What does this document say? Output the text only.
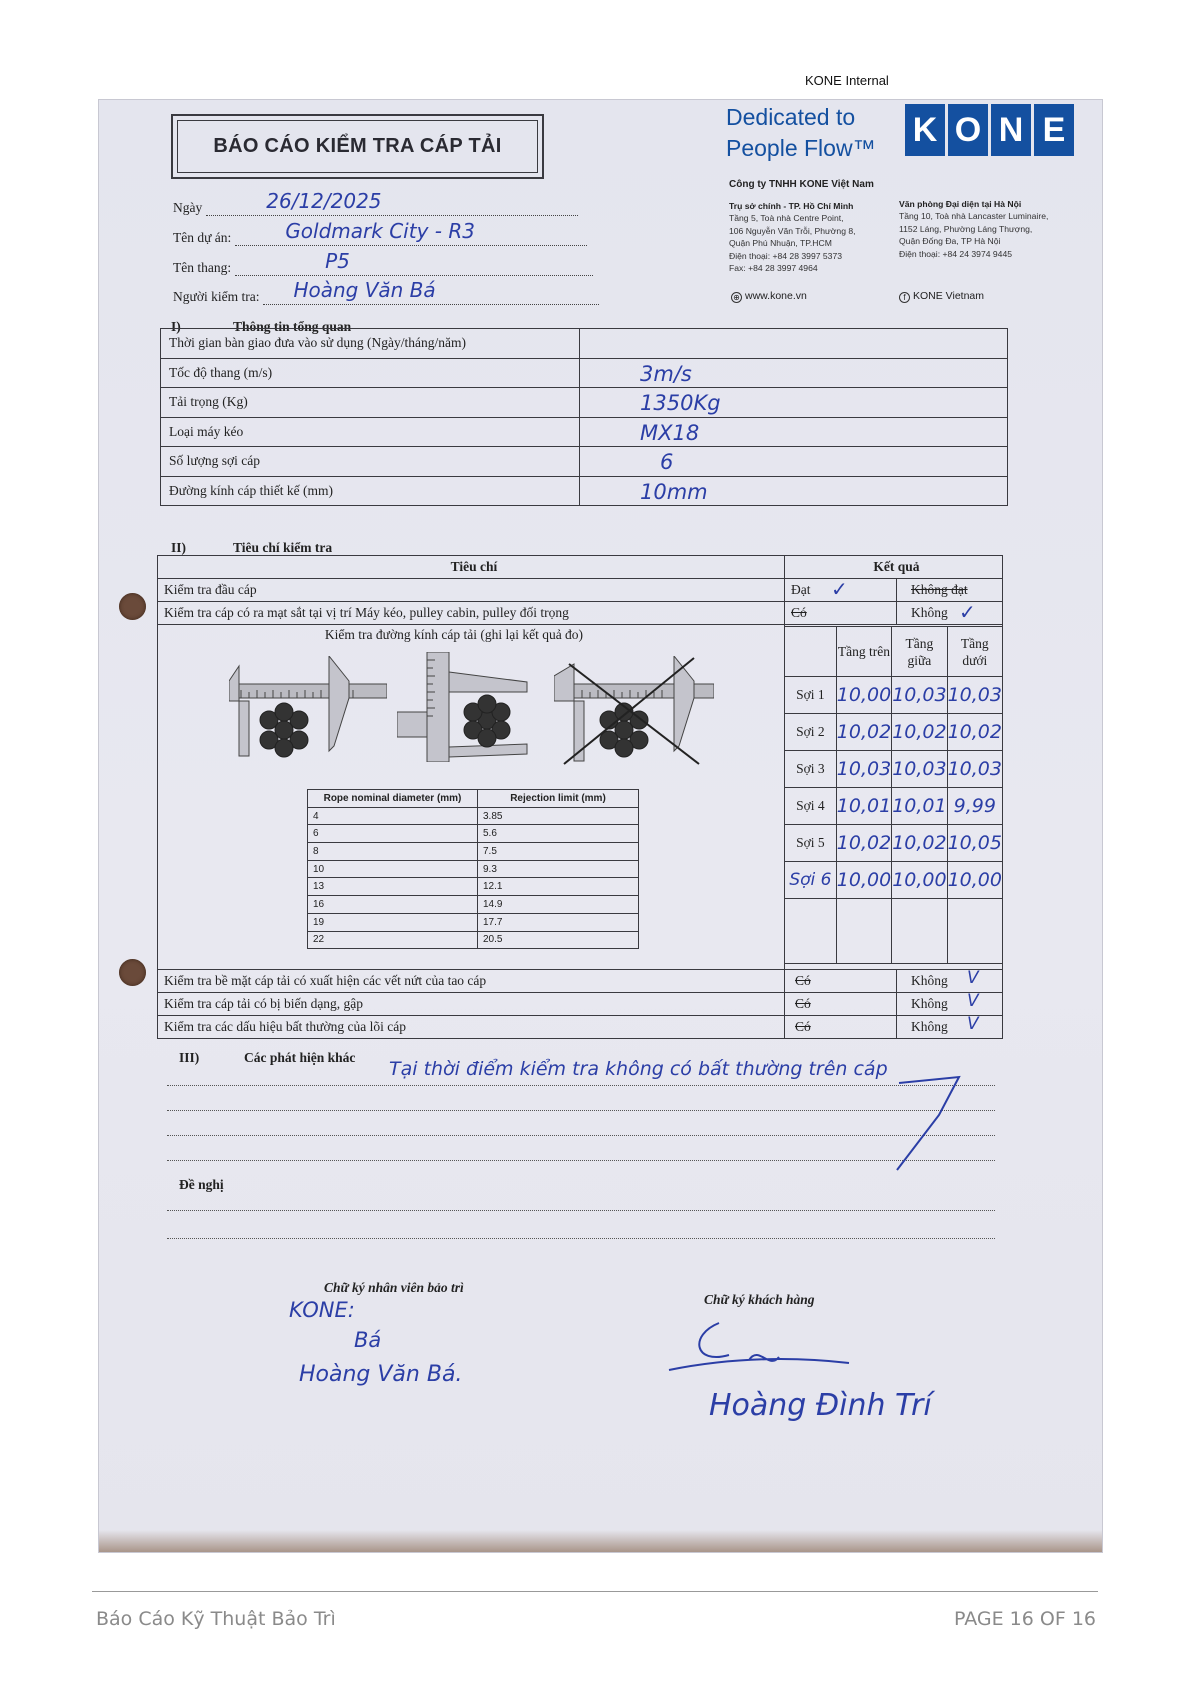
KONE Internal
BÁO CÁO KIỂM TRA CÁP TẢI
Ngày	26/12/2025
Tên dự án:	Goldmark City - R3
Tên thang:	P5
Người kiểm tra: Hoàng Văn Bá
Dedicated to
People Flow™ K O N E
Công ty TNHH KONE Việt Nam
Trụ sở chính - TP. Hồ Chí Minh
Tầng 5, Toà nhà Centre Point,
106 Nguyễn Văn Trỗi, Phường 8,
Quận Phú Nhuận, TP.HCM
Điện thoại: +84 28 3997 5373
Fax: +84 28 3997 4964
Văn phòng Đại diện tại Hà Nội
Tầng 10, Toà nhà Lancaster Luminaire,
1152 Láng, Phường Láng Thượng,
Quận Đống Đa, TP Hà Nội
Điện thoại: +84 24 3974 9445
⊕ www.kone.vn	f KONE Vietnam
I)	Thông tin tổng quan
Thời gian bàn giao đưa vào sử dụng (Ngày/tháng/năm)	

Tốc độ thang (m/s)	3m/s

Tải trọng (Kg)	1350Kg

Loại máy kéo	MX18

Số lượng sợi cáp	6

Đường kính cáp thiết kế (mm)	10mm
II)	Tiêu chí kiểm tra
Tiêu chí	Kết quả	
Kiểm tra đầu cáp	Đạt ✓	Không đạt
Kiểm tra cáp có ra mạt sắt tại vị trí Máy kéo, pulley cabin, pulley đối trọng	Có	Không ✓

Kiểm tra đường kính cáp tải (ghi lại kết quả đo)		

Kiểm tra bề mặt cáp tải có xuất hiện các vết nứt của tao cáp	Có	Không V

Kiểm tra cáp tải có bị biến dạng, gập	Có	Không V

Kiểm tra các dấu hiệu bất thường của lõi cáp	Có	Không V
	Tầng trên	Tầng giữa	Tầng dưới
Sợi 1	10,00	10,03	10,03
Sợi 2	10,02	10,02	10,02
Sợi 3	10,03	10,03	10,03
Sợi 4	10,01	10,01	9,99
Sợi 5	10,02	10,02	10,05
Sợi 6	10,00	10,00	10,00

Rope nominal diameter (mm)	Rejection limit (mm)
4	3.85
6	5.6
8	7.5
10	9.3
13	12.1
16	14.9
19	17.7
22	20.5
III)	Các phát hiện khác
Tại thời điểm kiểm tra không có bất thường trên cáp
Đề nghị
Chữ ký nhân viên bảo trì
Chữ ký khách hàng
KONE:
Bá
Hoàng Văn Bá.
Hoàng Đình Trí
Báo Cáo Kỹ Thuật Bảo Trì	PAGE 16 OF 16
